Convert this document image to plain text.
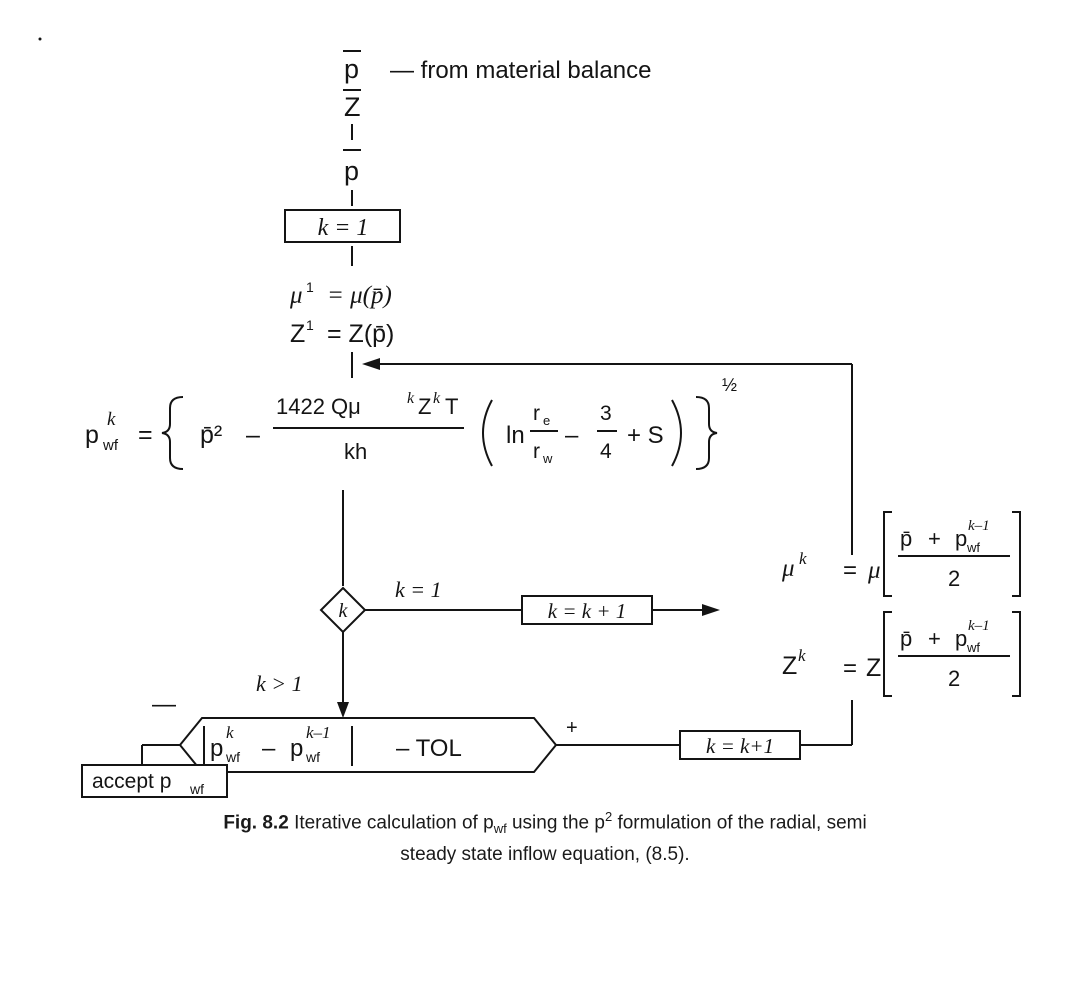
p — from material balance
Z
p
k = 1
μ 1 = μ(p̄)
Z 1 = Z(p̄)
p
k
wf = p̄² –
1422 Qμ	k Z k T
kh
ln
r e
r w
–
3
4
+ S
½
k
k = 1
k = k + 1
k > 1
μ k = μ
p̄ + p k–1
wf
2
Z k = Z
p̄ + p k–1
wf
2
p
k
wf – p
k–1
wf	– TOL
—
+
k = k+1
accept p wf
Fig. 8.2 Iterative calculation of $p_{wf}$ using the $p^2$ formulation of the radial, semi
steady state inflow equation, (8.5).
